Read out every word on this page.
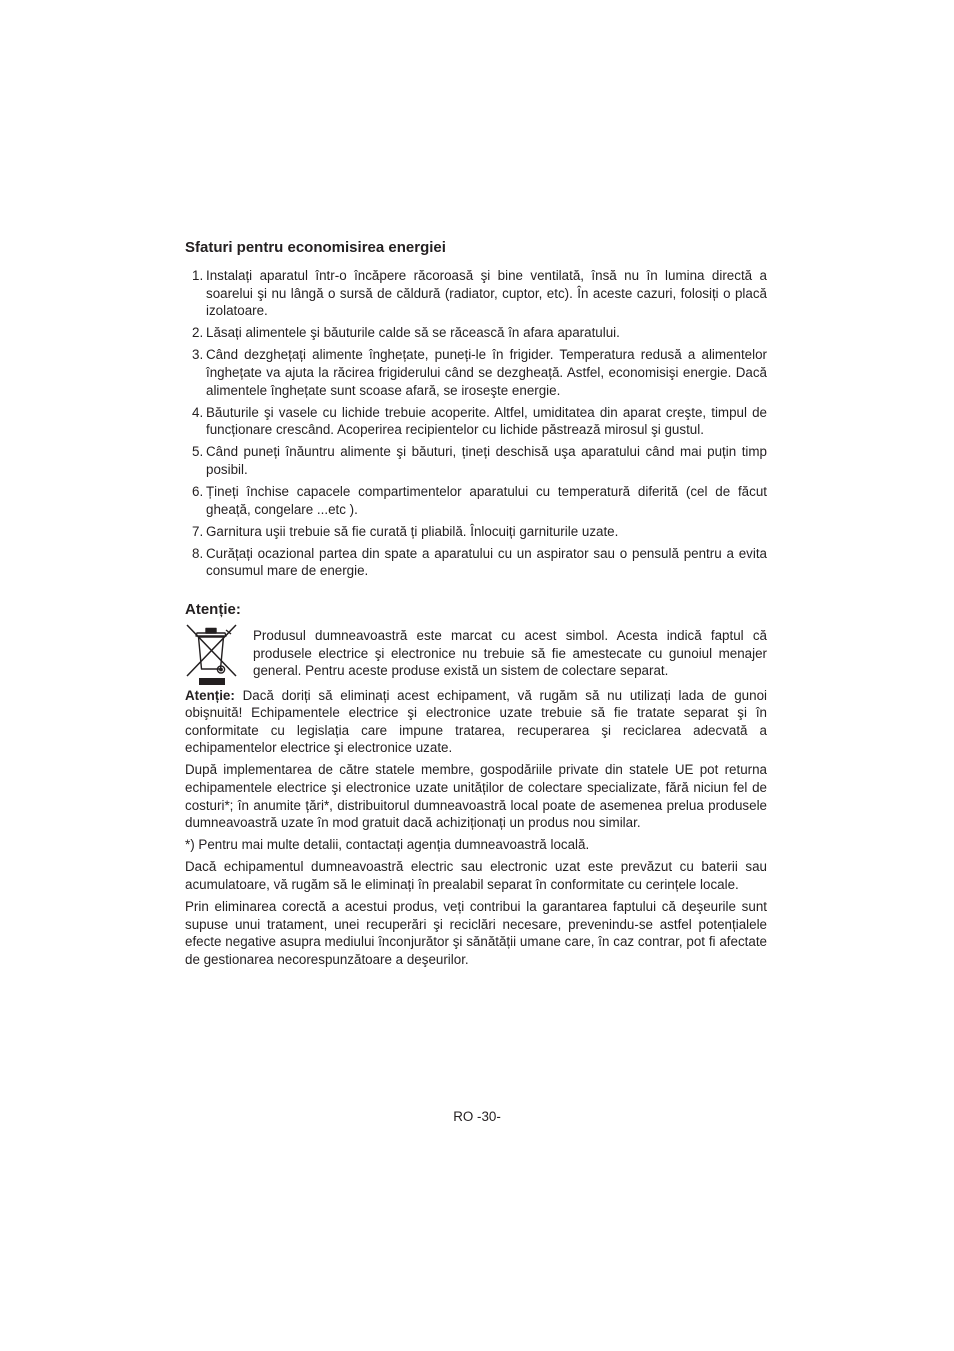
Sfaturi pentru economisirea energiei
1. Instalați aparatul într-o încăpere răcoroasă şi bine ventilată, însă nu în lumina directă a soarelui şi nu lângă o sursă de căldură (radiator, cuptor, etc). În aceste cazuri, folosiți o placă izolatoare.
2. Lăsați alimentele şi băuturile calde să se răcească în afara aparatului.
3. Când dezghețați alimente înghețate, puneți-le în frigider. Temperatura redusă a alimentelor înghețate va ajuta la răcirea frigiderului când se dezgheață. Astfel, economisişi energie. Dacă alimentele înghețate sunt scoase afară, se iroseşte energie.
4. Băuturile şi vasele cu lichide trebuie acoperite. Altfel, umiditatea din aparat creşte, timpul de funcționare crescând. Acoperirea recipientelor cu lichide păstrează mirosul şi gustul.
5. Când puneți înăuntru alimente şi băuturi, țineți deschisă uşa aparatului când mai puțin timp posibil.
6. Țineți închise capacele compartimentelor aparatului cu temperatură diferită (cel de făcut gheață, congelare ...etc ).
7. Garnitura uşii trebuie să fie curată ți pliabilă. Înlocuiți garniturile uzate.
8. Curățați ocazional partea din spate a aparatului cu un aspirator sau o pensulă pentru a evita consumul mare de energie.
Atenție:
Produsul dumneavoastră este marcat cu acest simbol. Acesta indică faptul că produsele electrice şi electronice nu trebuie să fie amestecate cu gunoiul menajer general. Pentru aceste produse există un sistem de colectare separat.

Atenție: Dacă doriți să eliminați acest echipament, vă rugăm să nu utilizați lada de gunoi obişnuită! Echipamentele electrice şi electronice uzate trebuie să fie tratate separat şi în conformitate cu legislația care impune tratarea, recuperarea şi reciclarea adecvată a echipamentelor electrice şi electronice uzate.

După implementarea de către statele membre, gospodăriile private din statele UE pot returna echipamentele electrice şi electronice uzate unităților de colectare specializate, fără niciun fel de costuri*; în anumite țări*, distribuitorul dumneavoastră local poate de asemenea prelua produsele dumneavoastră uzate în mod gratuit dacă achiziționați un produs nou similar.

*) Pentru mai multe detalii, contactați agenția dumneavoastră locală.

Dacă echipamentul dumneavoastră electric sau electronic uzat este prevăzut cu baterii sau acumulatoare, vă rugăm să le eliminați în prealabil separat în conformitate cu cerințele locale.

Prin eliminarea corectă a acestui produs, veți contribui la garantarea faptului că deşeurile sunt supuse unui tratament, unei recuperări şi reciclări necesare, prevenindu-se astfel potențialele efecte negative asupra mediului înconjurător şi sănătății umane care, în caz contrar, pot fi afectate de gestionarea necorespunzătoare a deşeurilor.

RO -30-
